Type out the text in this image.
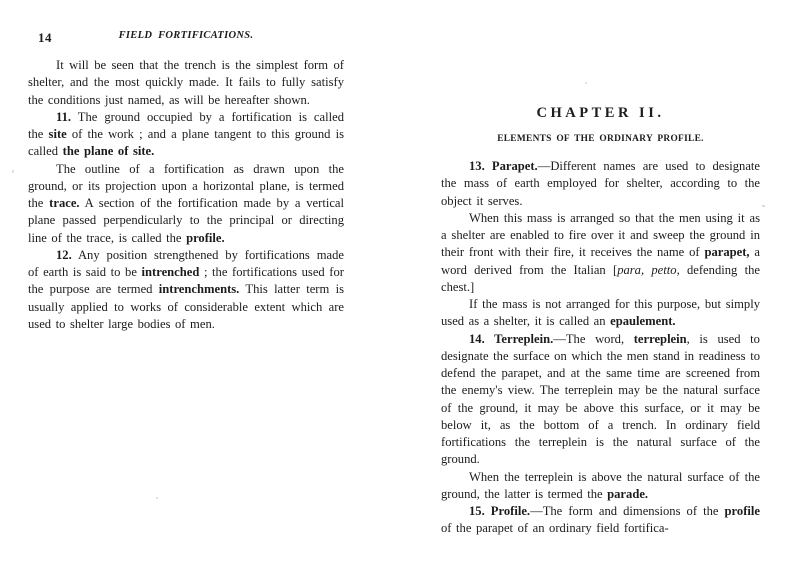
14	FIELD FORTIFICATIONS.

It will be seen that the trench is the simplest form of shelter, and the most quickly made. It fails to fully satisfy the conditions just named, as will be hereafter shown.

11. The ground occupied by a fortification is called the site of the work ; and a plane tangent to this ground is called the plane of site.

The outline of a fortification as drawn upon the ground, or its projection upon a horizontal plane, is termed the trace. A section of the fortification made by a vertical plane passed perpendicularly to the principal or directing line of the trace, is called the profile.

12. Any position strengthened by fortifications made of earth is said to be intrenched ; the fortifications used for the purpose are termed intrenchments. This latter term is usually applied to works of considerable extent which are used to shelter large bodies of men.

CHAPTER II.
ELEMENTS OF THE ORDINARY PROFILE.

13. Parapet.—Different names are used to designate the mass of earth employed for shelter, according to the object it serves.

When this mass is arranged so that the men using it as a shelter are enabled to fire over it and sweep the ground in their front with their fire, it receives the name of parapet, a word derived from the Italian [para, petto, defending the chest.]

If the mass is not arranged for this purpose, but simply used as a shelter, it is called an epaulement.

14. Terreplein.—The word, terreplein, is used to designate the surface on which the men stand in readiness to defend the parapet, and at the same time are screened from the enemy's view. The terreplein may be the natural surface of the ground, it may be above this surface, or it may be below it, as the bottom of a trench. In ordinary field fortifications the terreplein is the natural surface of the ground.

When the terreplein is above the natural surface of the ground, the latter is termed the parade.

15. Profile.—The form and dimensions of the profile of the parapet of an ordinary field fortifica-
